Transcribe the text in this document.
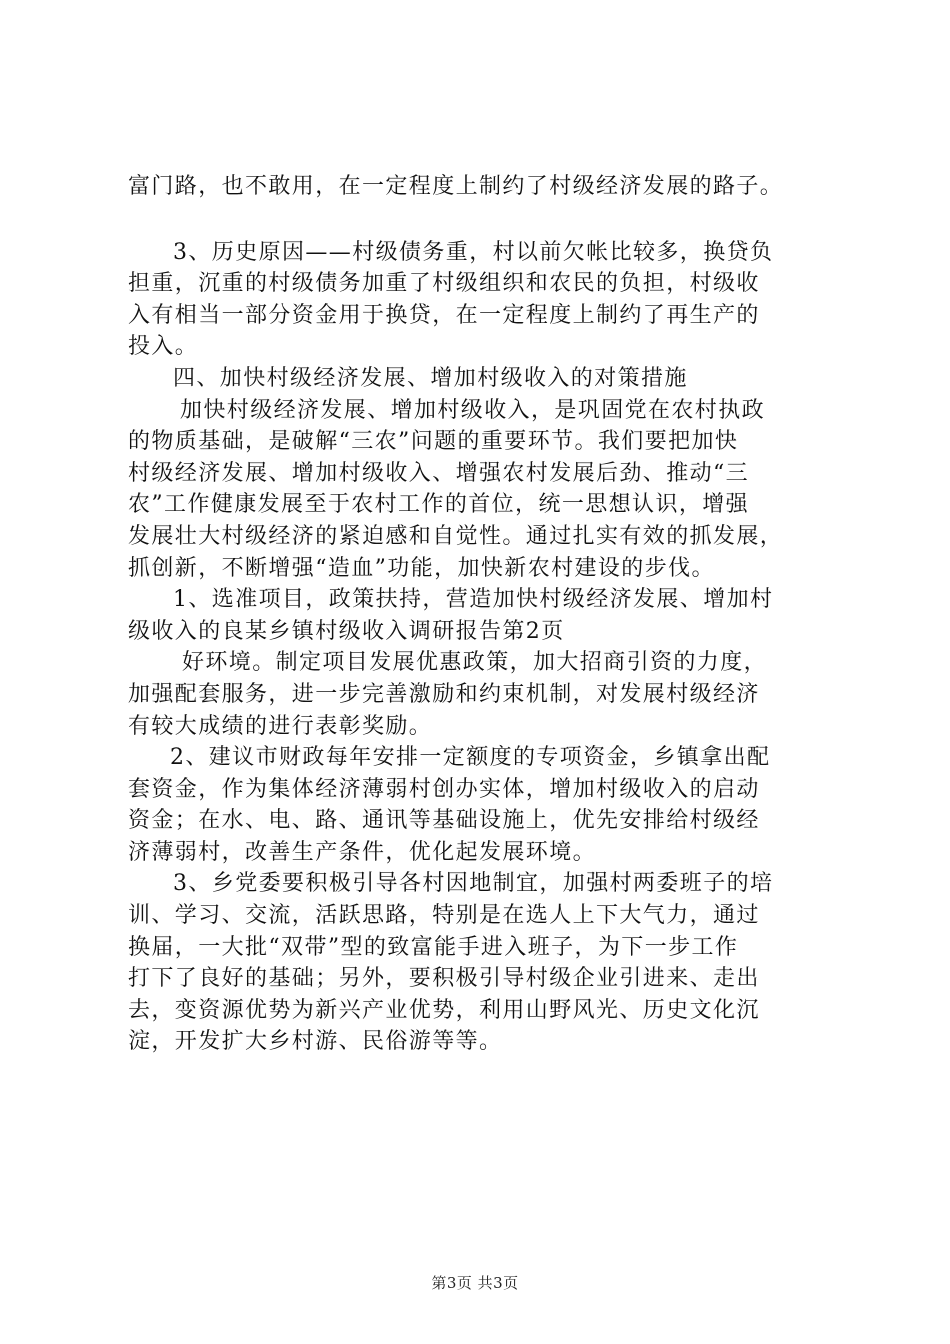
富门路，也不敢用，在一定程度上制约了村级经济发展的路子。
3、历史原因——村级债务重，村以前欠帐比较多，换贷负
担重，沉重的村级债务加重了村级组织和农民的负担，村级收
入有相当一部分资金用于换贷，在一定程度上制约了再生产的
投入。
四、加快村级经济发展、增加村级收入的对策措施
加快村级经济发展、增加村级收入，是巩固党在农村执政
的物质基础，是破解“三农”问题的重要环节。我们要把加快
村级经济发展、增加村级收入、增强农村发展后劲、推动“三
农”工作健康发展至于农村工作的首位，统一思想认识，增强
发展壮大村级经济的紧迫感和自觉性。通过扎实有效的抓发展，
抓创新，不断增强“造血”功能，加快新农村建设的步伐。
1、选准项目，政策扶持，营造加快村级经济发展、增加村
级收入的良某乡镇村级收入调研报告第2页
好环境。制定项目发展优惠政策，加大招商引资的力度，
加强配套服务，进一步完善激励和约束机制，对发展村级经济
有较大成绩的进行表彰奖励。
2、建议市财政每年安排一定额度的专项资金，乡镇拿出配
套资金，作为集体经济薄弱村创办实体，增加村级收入的启动
资金；在水、电、路、通讯等基础设施上，优先安排给村级经
济薄弱村，改善生产条件，优化起发展环境。
3、乡党委要积极引导各村因地制宜，加强村两委班子的培
训、学习、交流，活跃思路，特别是在选人上下大气力，通过
换届，一大批“双带”型的致富能手进入班子，为下一步工作
打下了良好的基础；另外，要积极引导村级企业引进来、走出
去，变资源优势为新兴产业优势，利用山野风光、历史文化沉
淀，开发扩大乡村游、民俗游等等。
第3页 共3页
